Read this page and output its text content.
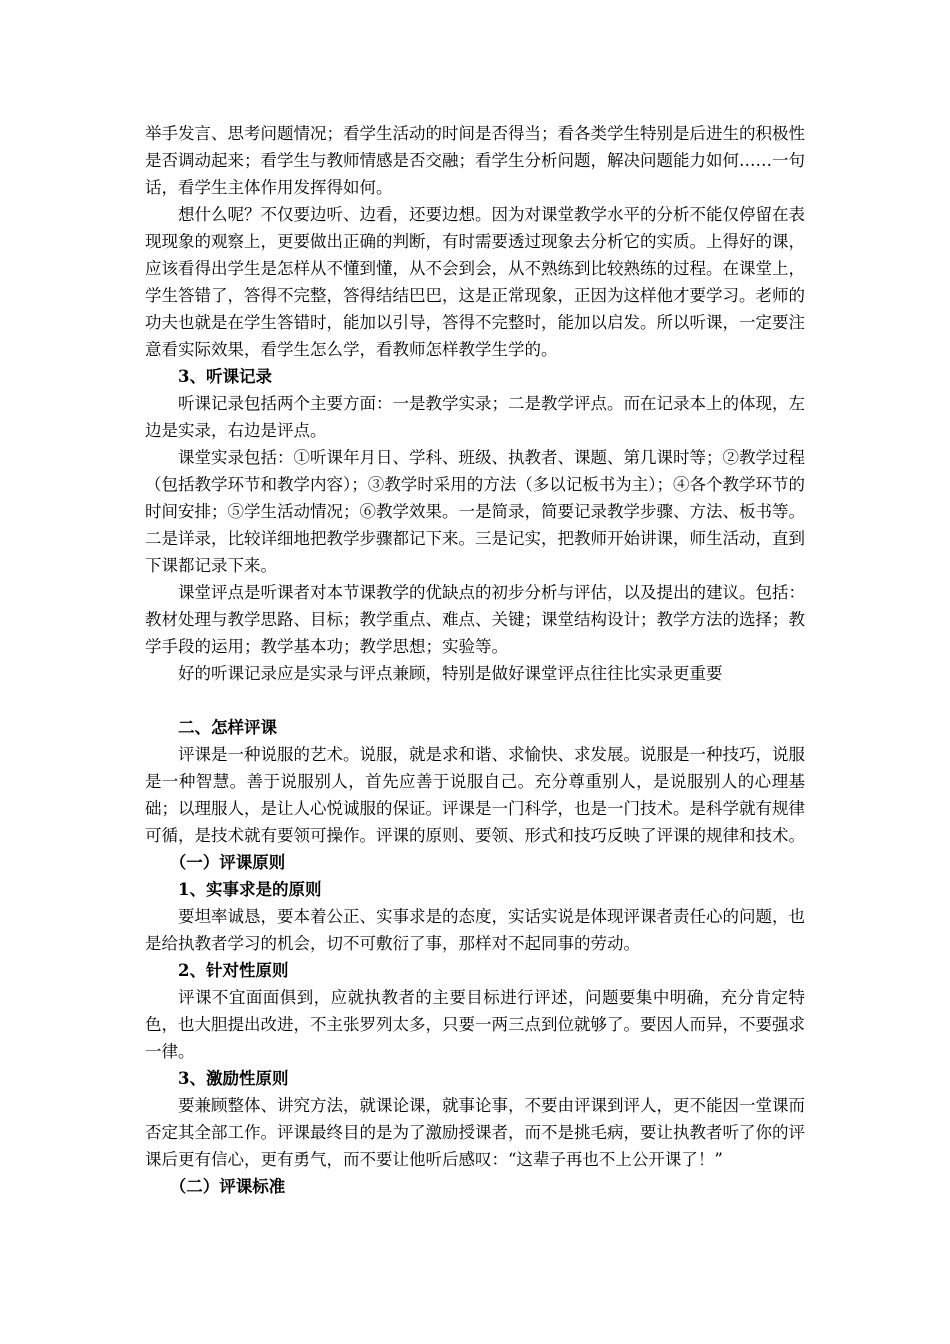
举手发言、思考问题情况；看学生活动的时间是否得当；看各类学生特别是后进生的积极性是否调动起来；看学生与教师情感是否交融；看学生分析问题，解决问题能力如何……一句话，看学生主体作用发挥得如何。

想什么呢？不仅要边听、边看，还要边想。因为对课堂教学水平的分析不能仅停留在表现现象的观察上，更要做出正确的判断，有时需要透过现象去分析它的实质。上得好的课，应该看得出学生是怎样从不懂到懂，从不会到会，从不熟练到比较熟练的过程。在课堂上，学生答错了，答得不完整，答得结结巴巴，这是正常现象，正因为这样他才要学习。老师的功夫也就是在学生答错时，能加以引导，答得不完整时，能加以启发。所以听课，一定要注意看实际效果，看学生怎么学，看教师怎样教学生学的。

3、听课记录

听课记录包括两个主要方面：一是教学实录；二是教学评点。而在记录本上的体现，左边是实录，右边是评点。

课堂实录包括：①听课年月日、学科、班级、执教者、课题、第几课时等；②教学过程（包括教学环节和教学内容）；③教学时采用的方法（多以记板书为主）；④各个教学环节的时间安排；⑤学生活动情况；⑥教学效果。一是简录，简要记录教学步骤、方法、板书等。二是详录，比较详细地把教学步骤都记下来。三是记实，把教师开始讲课，师生活动，直到下课都记录下来。

课堂评点是听课者对本节课教学的优缺点的初步分析与评估，以及提出的建议。包括：教材处理与教学思路、目标；教学重点、难点、关键；课堂结构设计；教学方法的选择；教学手段的运用；教学基本功；教学思想；实验等。

好的听课记录应是实录与评点兼顾，特别是做好课堂评点往往比实录更重要

二、怎样评课

评课是一种说服的艺术。说服，就是求和谐、求愉快、求发展。说服是一种技巧，说服是一种智慧。善于说服别人，首先应善于说服自己。充分尊重别人，是说服别人的心理基础；以理服人，是让人心悦诚服的保证。评课是一门科学，也是一门技术。是科学就有规律可循，是技术就有要领可操作。评课的原则、要领、形式和技巧反映了评课的规律和技术。

（一）评课原则

1、实事求是的原则

要坦率诚恳，要本着公正、实事求是的态度，实话实说是体现评课者责任心的问题，也是给执教者学习的机会，切不可敷衍了事，那样对不起同事的劳动。

2、针对性原则

评课不宜面面俱到，应就执教者的主要目标进行评述，问题要集中明确，充分肯定特色，也大胆提出改进，不主张罗列太多，只要一两三点到位就够了。要因人而异，不要强求一律。

3、激励性原则

要兼顾整体、讲究方法，就课论课，就事论事，不要由评课到评人，更不能因一堂课而否定其全部工作。评课最终目的是为了激励授课者，而不是挑毛病，要让执教者听了你的评课后更有信心，更有勇气，而不要让他听后感叹：“这辈子再也不上公开课了！”

（二）评课标准
